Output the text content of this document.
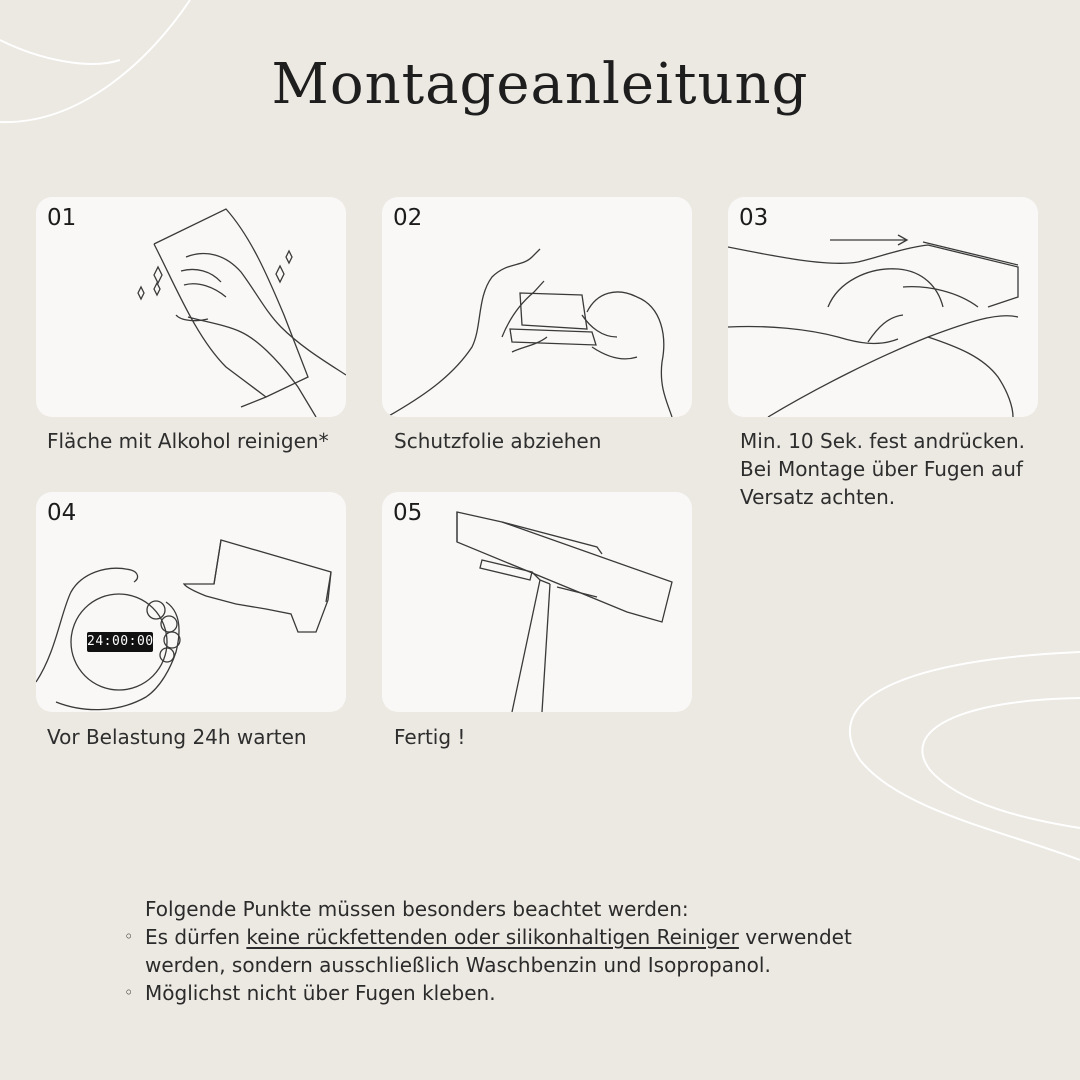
Montageanleitung
01

Fläche mit Alkohol reinigen*

02

Schutzfolie abziehen

03

Min. 10 Sek. fest andrücken.
Bei Montage über Fugen auf
Versatz achten.

04
24:00:00

Vor Belastung 24h warten

05

Fertig !

Folgende Punkte müssen besonders beachtet werden:
◦ Es dürfen keine rückfettenden oder silikonhaltigen Reiniger verwendet
werden, sondern ausschließlich Waschbenzin und Isopropanol.
◦ Möglichst nicht über Fugen kleben.
